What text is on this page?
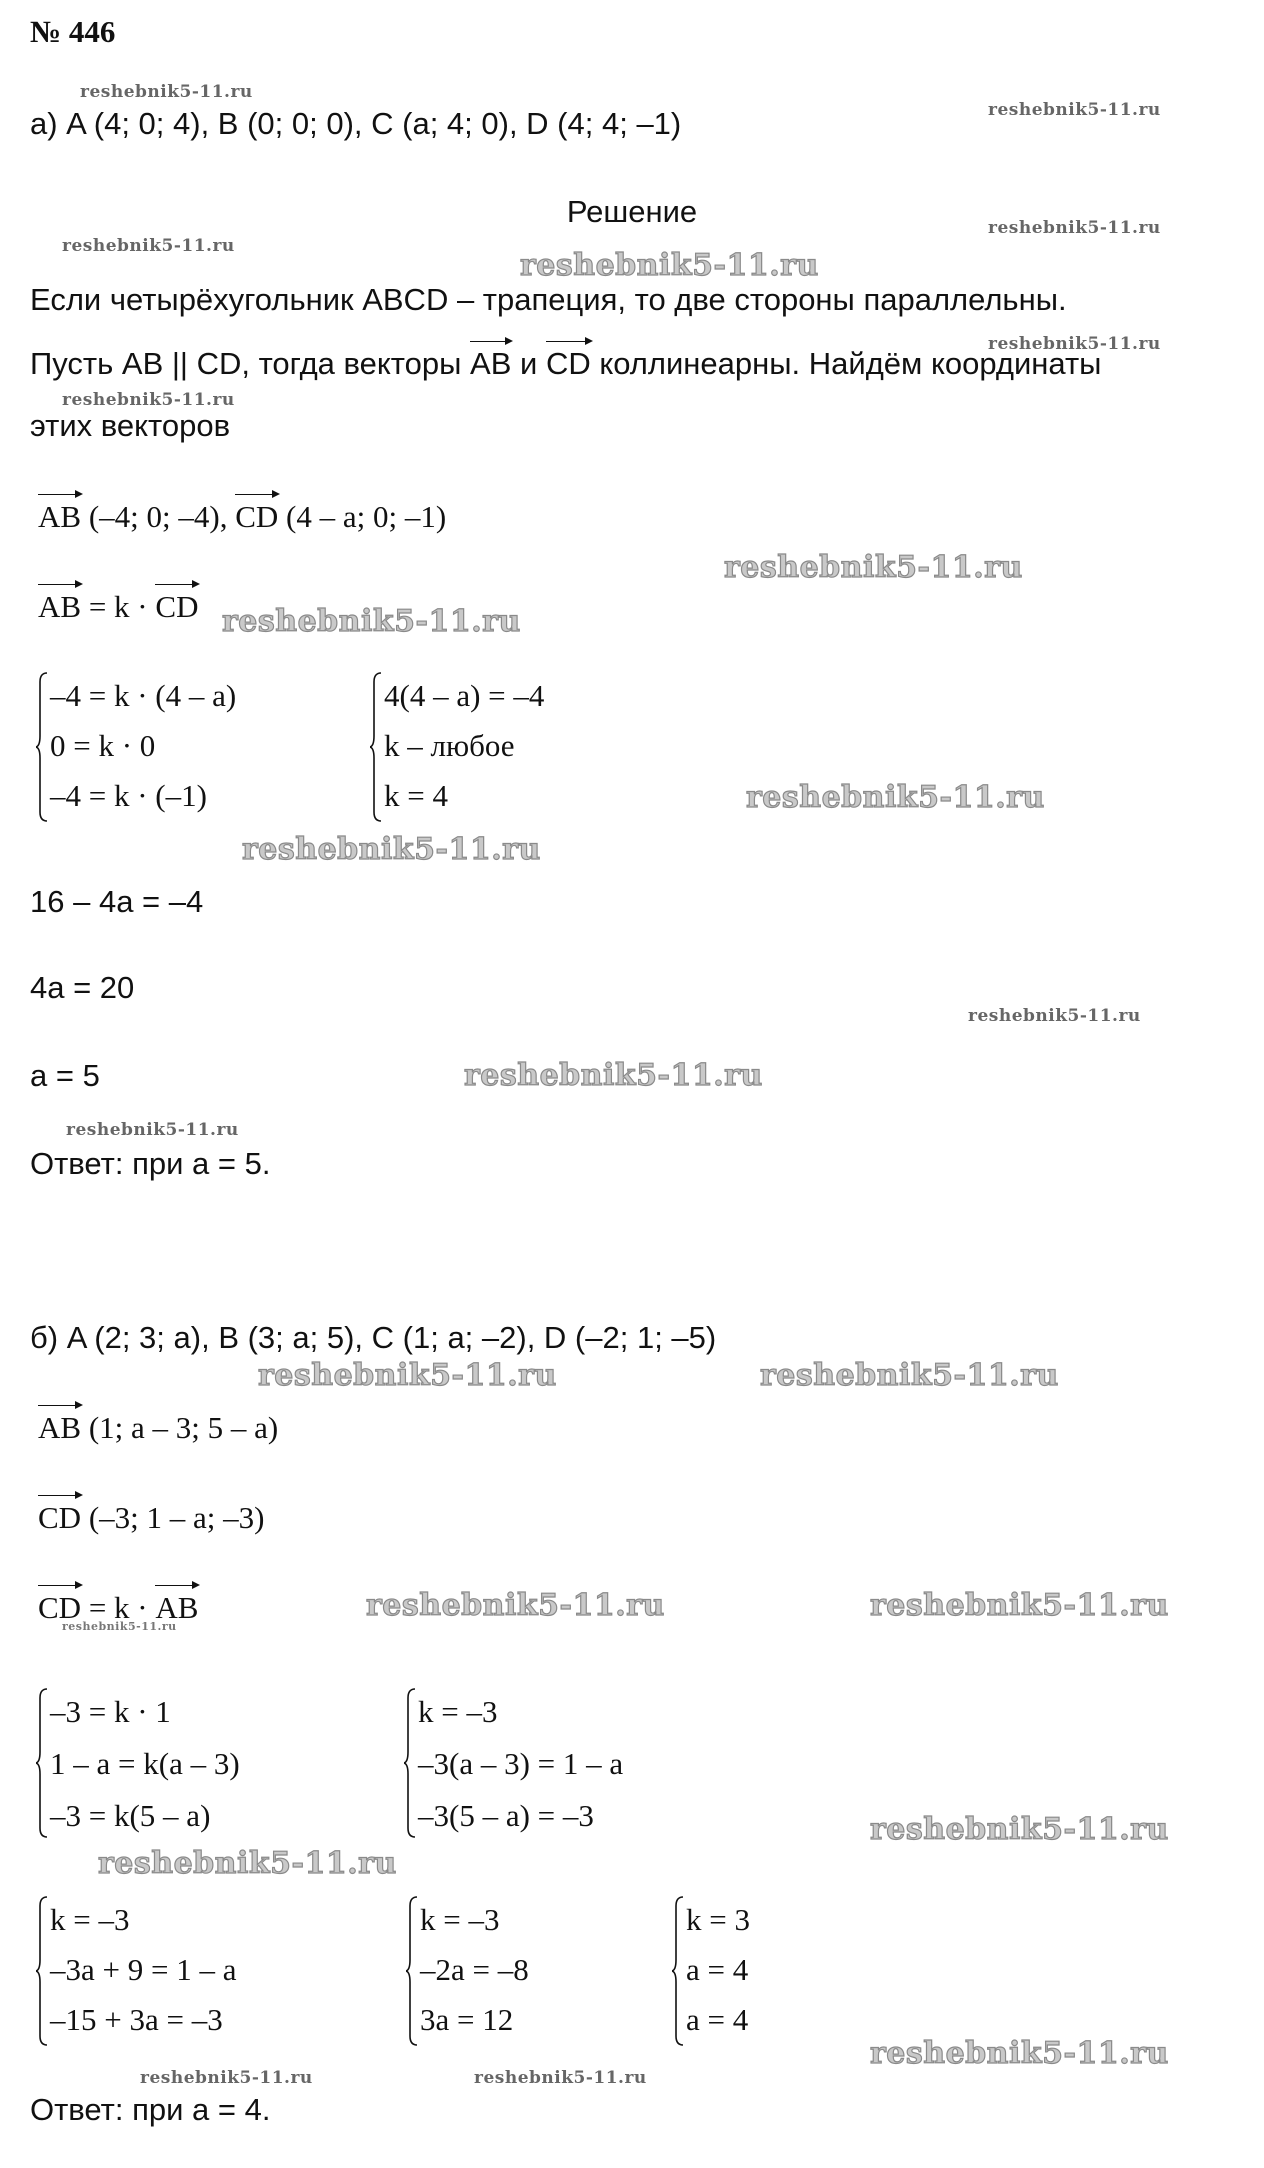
№ 446
а) A (4; 0; 4), B (0; 0; 0), C (a; 4; 0), D (4; 4; –1)
Решение
Если четырёхугольник ABCD – трапеция, то две стороны параллельны.
Пусть AB || CD, тогда векторы AB и CD коллинеарны. Найдём координаты
этих векторов
AB (–4; 0; –4), CD (4 – a; 0; –1)
AB = k · CD
–4 = k · (4 – a)
0 = k · 0
–4 = k · (–1)
4(4 – a) = –4
k – любое
k = 4
16 – 4a = –4
4a = 20
a = 5
Ответ: при a = 5.
б) A (2; 3; a), B (3; a; 5), C (1; a; –2), D (–2; 1; –5)
AB (1; a – 3; 5 – a)
CD (–3; 1 – a; –3)
CD = k · AB
–3 = k · 1
1 – a = k(a – 3)
–3 = k(5 – a)
k = –3
–3(a – 3) = 1 – a
–3(5 – a) = –3
k = –3
–3a + 9 = 1 – a
–15 + 3a = –3
k = –3
–2a = –8
3a = 12
k = 3
a = 4
a = 4
Ответ: при a = 4.
reshebnik5-11.ru
reshebnik5-11.ru
reshebnik5-11.ru
reshebnik5-11.ru
reshebnik5-11.ru
reshebnik5-11.ru
reshebnik5-11.ru
reshebnik5-11.ru
reshebnik5-11.ru
reshebnik5-11.ru
reshebnik5-11.ru
reshebnik5-11.ru
reshebnik5-11.ru
reshebnik5-11.ru
reshebnik5-11.ru	reshebnik5-11.ru
reshebnik5-11.ru	reshebnik5-11.ru
reshebnik5-11.ru
reshebnik5-11.ru
reshebnik5-11.ru
reshebnik5-11.ru
reshebnik5-11.ru	reshebnik5-11.ru
